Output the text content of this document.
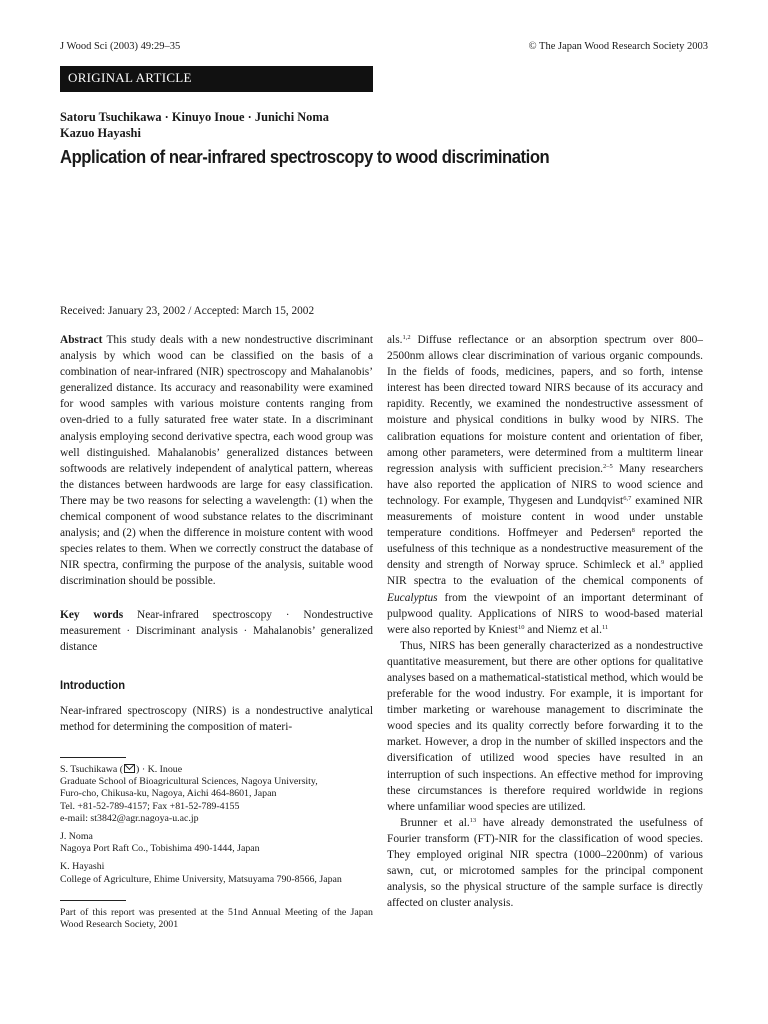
J Wood Sci (2003) 49:29–35	© The Japan Wood Research Society 2003
ORIGINAL ARTICLE
Satoru Tsuchikawa · Kinuyo Inoue · Junichi Noma
Kazuo Hayashi
Application of near-infrared spectroscopy to wood discrimination
Received: January 23, 2002 / Accepted: March 15, 2002

Abstract This study deals with a new nondestructive discriminant analysis by which wood can be classified on the basis of a combination of near-infrared (NIR) spectroscopy and Mahalanobis’ generalized distance. Its accuracy and reasonability were examined for wood samples with various moisture contents ranging from oven-dried to a fully saturated free water state. In a discriminant analysis employing second derivative spectra, each wood group was well distinguished. Mahalanobis’ generalized distances between softwoods are relatively independent of analytical pattern, whereas the distances between hardwoods are large for easy classification. There may be two reasons for selecting a wavelength: (1) when the chemical component of wood substance relates to the discriminant analysis; and (2) when the difference in moisture content with wood species relates to them. When we correctly construct the database of NIR spectra, confirming the purpose of the analysis, suitable wood discrimination should be possible.

Key words Near-infrared spectroscopy · Nondestructive measurement · Discriminant analysis · Mahalanobis’ generalized distance

Introduction

Near-infrared spectroscopy (NIRS) is a nondestructive analytical method for determining the composition of materi-

S. Tsuchikawa ( ) · K. Inoue
Graduate School of Bioagricultural Sciences, Nagoya University,
Furo-cho, Chikusa-ku, Nagoya, Aichi 464-8601, Japan
Tel. +81-52-789-4157; Fax +81-52-789-4155
e-mail: st3842@agr.nagoya-u.ac.jp

J. Noma
Nagoya Port Raft Co., Tobishima 490-1444, Japan

K. Hayashi
College of Agriculture, Ehime University, Matsuyama 790-8566, Japan

Part of this report was presented at the 51nd Annual Meeting of the Japan Wood Research Society, 2001

als.$^{1,2}$ Diffuse reflectance or an absorption spectrum over 800–2500nm allows clear discrimination of various organic compounds. In the fields of foods, medicines, papers, and so forth, intense interest has been directed toward NIRS because of its accuracy and rapidity. Recently, we examined the nondestructive assessment of moisture and physical conditions in bulky wood by NIRS. The calibration equations for moisture content and orientation of fiber, among other parameters, were determined from a multiterm linear regression analysis with sufficient precision.$^{2-5}$ Many researchers have also reported the application of NIRS to wood science and technology. For example, Thygesen and Lundqvist$^{6,7}$ examined NIR measurements of moisture content in wood under unstable temperature conditions. Hoffmeyer and Pedersen$^8$ reported the usefulness of this technique as a nondestructive measurement of the density and strength of Norway spruce. Schimleck et al.$^9$ applied NIR spectra to the evaluation of the chemical components of Eucalyptus from the viewpoint of an important determinant of pulpwood quality. Applications of NIRS to wood-based material were also reported by Kniest$^{10}$ and Niemz et al.$^{11}$

Thus, NIRS has been generally characterized as a nondestructive quantitative measurement, but there are other options for qualitative analyses based on a mathematical-statistical method, which would be preferable for the wood industry. For example, it is important for timber marketing or warehouse management to discriminate the wood species and its quality correctly before forwarding it to the market. However, a drop in the number of skilled inspectors and the diversification of utilized wood species have resulted in an interruption of such inspections. An effective method for improving these circumstances is therefore required worldwide in regions where unfamiliar wood species are utilized.

Brunner et al.$^{13}$ have already demonstrated the usefulness of Fourier transform (FT)-NIR for the classification of wood species. They employed original NIR spectra (1000–2200nm) of various sawn, cut, or microtomed samples for the principal component analysis, so the physical structure of the sample surface is directly affected on cluster analysis.
